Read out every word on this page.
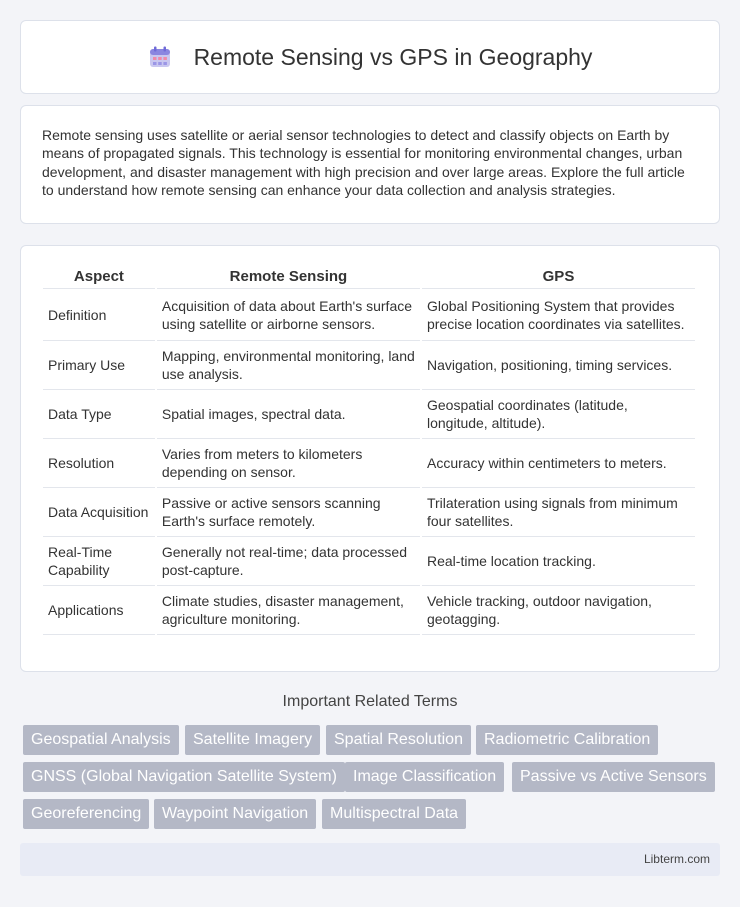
Remote Sensing vs GPS in Geography

Remote sensing uses satellite or aerial sensor technologies to detect and classify objects on Earth by means of propagated signals. This technology is essential for monitoring environmental changes, urban development, and disaster management with high precision and over large areas. Explore the full article to understand how remote sensing can enhance your data collection and analysis strategies.

Aspect	Remote Sensing	GPS
Definition	Acquisition of data about Earth's surface using satellite or airborne sensors.	Global Positioning System that provides precise location coordinates via satellites.
Primary Use	Mapping, environmental monitoring, land use analysis.	Navigation, positioning, timing services.
Data Type	Spatial images, spectral data.	Geospatial coordinates (latitude, longitude, altitude).
Resolution	Varies from meters to kilometers depending on sensor.	Accuracy within centimeters to meters.
Data Acquisition	Passive or active sensors scanning Earth's surface remotely.	Trilateration using signals from minimum four satellites.
Real-Time Capability	Generally not real-time; data processed post-capture.	Real-time location tracking.
Applications	Climate studies, disaster management, agriculture monitoring.	Vehicle tracking, outdoor navigation, geotagging.
Important Related Terms
Geospatial Analysis	Satellite Imagery	Spatial Resolution	Radiometric Calibration
GNSS (Global Navigation Satellite System)	Image Classification	Passive vs Active Sensors
Georeferencing	Waypoint Navigation	Multispectral Data
Libterm.com
